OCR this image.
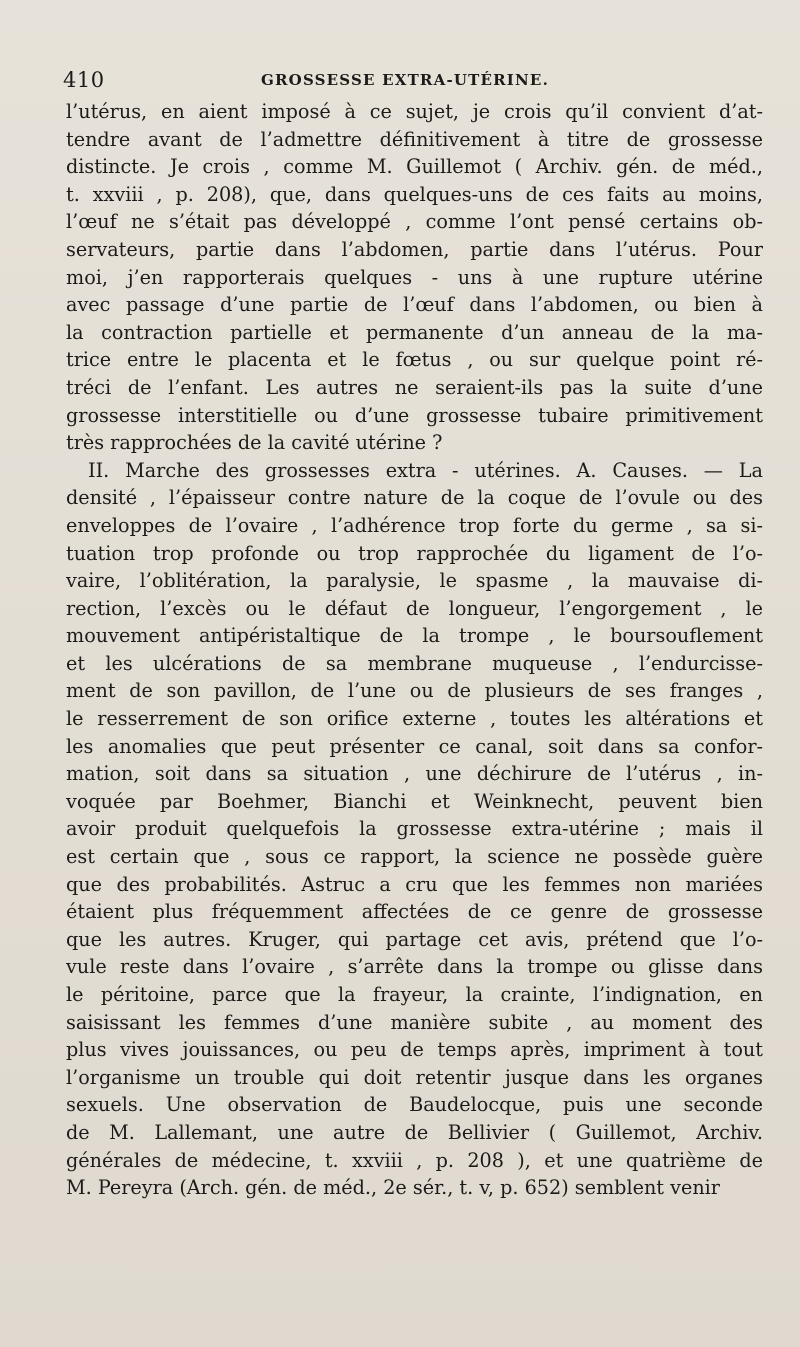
410	GROSSESSE EXTRA-UTÉRINE.
l’utérus, en aient imposé à ce sujet, je crois qu’il convient d’at-
tendre avant de l’admettre définitivement à titre de grossesse
distincte. Je crois , comme M. Guillemot ( Archiv. gén. de méd.,
t. xxviii , p. 208), que, dans quelques-uns de ces faits au moins,
l’œuf ne s’était pas développé , comme l’ont pensé certains ob-
servateurs, partie dans l’abdomen, partie dans l’utérus. Pour
moi, j’en rapporterais quelques - uns à une rupture utérine
avec passage d’une partie de l’œuf dans l’abdomen, ou bien à
la contraction partielle et permanente d’un anneau de la ma-
trice entre le placenta et le fœtus , ou sur quelque point ré-
tréci de l’enfant. Les autres ne seraient-ils pas la suite d’une
grossesse interstitielle ou d’une grossesse tubaire primitivement
très rapprochées de la cavité utérine ?
II. Marche des grossesses extra - utérines. A. Causes. — La
densité , l’épaisseur contre nature de la coque de l’ovule ou des
enveloppes de l’ovaire , l’adhérence trop forte du germe , sa si-
tuation trop profonde ou trop rapprochée du ligament de l’o-
vaire, l’oblitération, la paralysie, le spasme , la mauvaise di-
rection, l’excès ou le défaut de longueur, l’engorgement , le
mouvement antipéristaltique de la trompe , le boursouflement
et les ulcérations de sa membrane muqueuse , l’endurcisse-
ment de son pavillon, de l’une ou de plusieurs de ses franges ,
le resserrement de son orifice externe , toutes les altérations et
les anomalies que peut présenter ce canal, soit dans sa confor-
mation, soit dans sa situation , une déchirure de l’utérus , in-
voquée par Boehmer, Bianchi et Weinknecht, peuvent bien
avoir produit quelquefois la grossesse extra-utérine ; mais il
est certain que , sous ce rapport, la science ne possède guère
que des probabilités. Astruc a cru que les femmes non mariées
étaient plus fréquemment affectées de ce genre de grossesse
que les autres. Kruger, qui partage cet avis, prétend que l’o-
vule reste dans l’ovaire , s’arrête dans la trompe ou glisse dans
le péritoine, parce que la frayeur, la crainte, l’indignation, en
saisissant les femmes d’une manière subite , au moment des
plus vives jouissances, ou peu de temps après, impriment à tout
l’organisme un trouble qui doit retentir jusque dans les organes
sexuels. Une observation de Baudelocque, puis une seconde
de M. Lallemant, une autre de Bellivier ( Guillemot, Archiv.
générales de médecine, t. xxviii , p. 208 ), et une quatrième de
M. Pereyra (Arch. gén. de méd., 2e sér., t. v, p. 652) semblent venir
